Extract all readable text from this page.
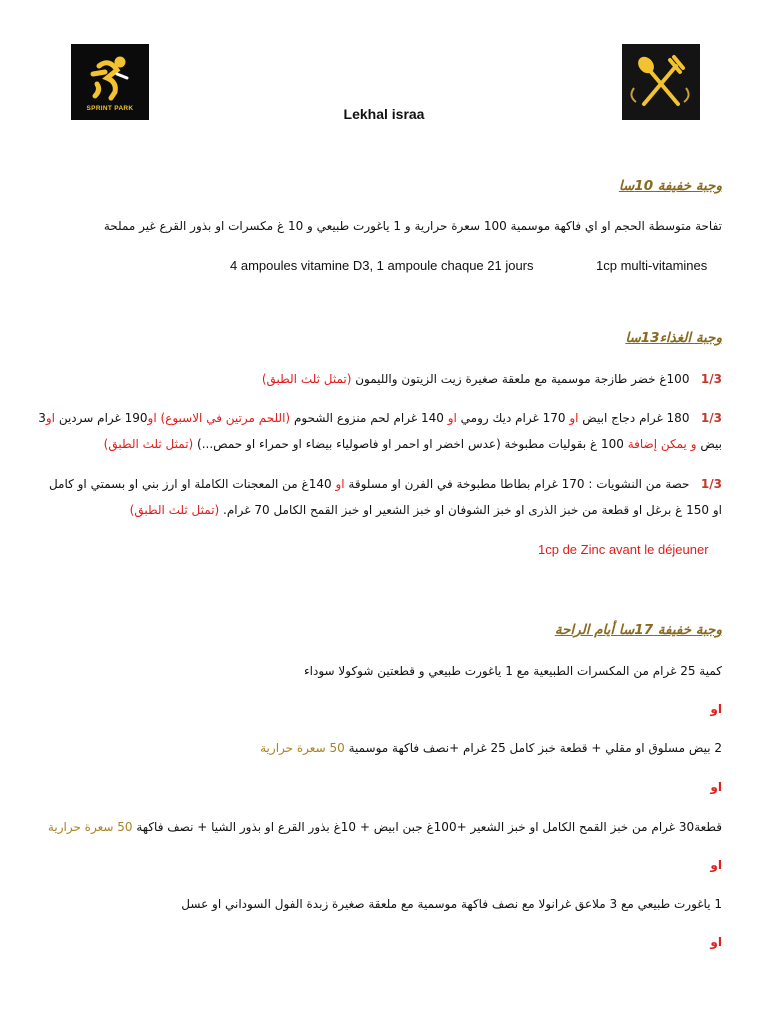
SPRINT PARK	Lekhal israa
وجبة خفيفة 10سا
تفاحة متوسطة الحجم او اي فاكهة موسمية 100 سعرة حرارية و 1 ياغورت طبيعي و 10 غ مكسرات او بذور القرع غير مملحة
1cp multi-vitamines
4 ampoules vitamine D3, 1 ampoule chaque 21 jours
وجبة الغذاء13سا
1/3   100غ خضر طازجة موسمية مع ملعقة صغيرة زيت الزيتون والليمون (تمثل ثلث الطبق)
1/3   180 غرام دجاج ابيض او 170 غرام ديك رومي او 140 غرام لحم منزوع الشحوم (اللحم مرتين في الاسبوع) او190 غرام سردين او3
بيض و يمكن إضافة 100 غ بقوليات مطبوخة (عدس اخضر او احمر او فاصولياء بيضاء او حمراء او حمص...) (تمثل ثلث الطبق)
1/3   حصة من النشويات : 170 غرام بطاطا مطبوخة في الفرن او مسلوقة او 140غ من المعجنات الكاملة او ارز بني او بسمتي او كامل
او 150 غ برغل او قطعة من خبز الذرى او خبز الشوفان او خبز الشعير او خبز القمح الكامل 70 غرام. (تمثل ثلث الطبق)
1cp de Zinc avant le déjeuner
وجبة خفيفة 17سا أيام الراحة
كمية 25 غرام من المكسرات الطبيعية مع 1 ياغورت طبيعي و قطعتين شوكولا سوداء
او
2 بيض مسلوق او مقلي + قطعة خبز كامل 25 غرام +نصف فاكهة موسمية 50 سعرة حرارية
او
قطعة30 غرام من خبز القمح الكامل او خبز الشعير +100غ جبن ابيض + 10غ بذور القرع او بذور الشيا + نصف فاكهة 50 سعرة حرارية
او
1 ياغورت طبيعي مع 3 ملاعق غرانولا مع نصف فاكهة موسمية مع ملعقة صغيرة زبدة الفول السوداني او عسل
او
